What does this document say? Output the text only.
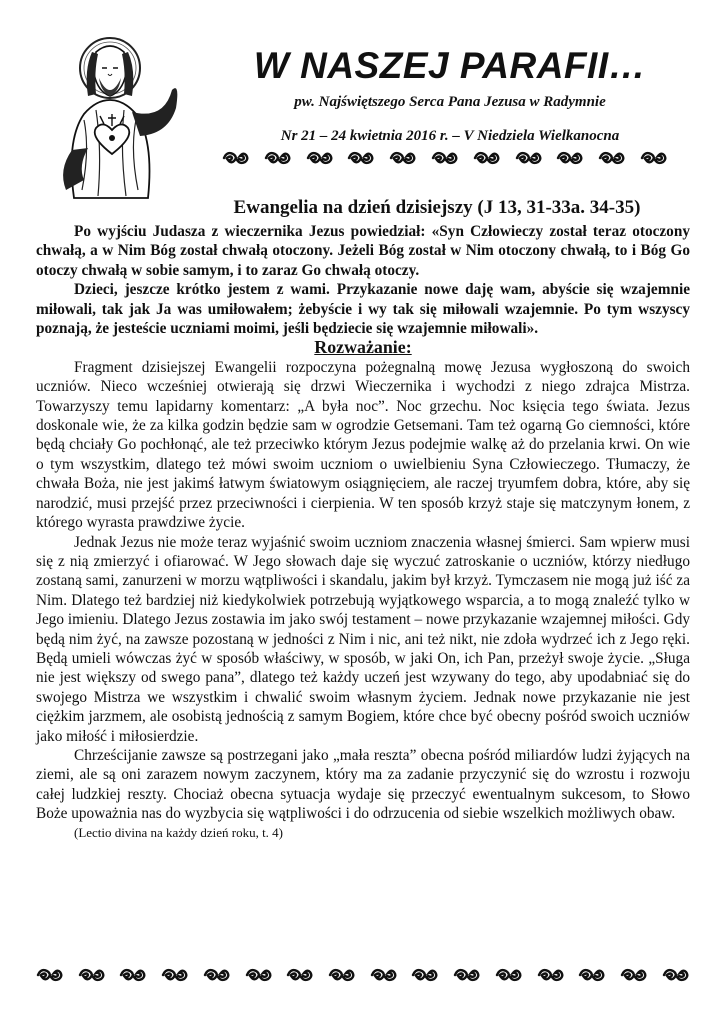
W NASZEJ PARAFII…

pw. Najświętszego Serca Pana Jezusa w Radymnie

Nr 21 – 24 kwietnia 2016 r. – V Niedziela Wielkanocna

Ewangelia na dzień dzisiejszy (J 13, 31-33a. 34-35)

Po wyjściu Judasza z wieczernika Jezus powiedział: «Syn Człowieczy został teraz otoczony chwałą, a w Nim Bóg został chwałą otoczony. Jeżeli Bóg został w Nim otoczony chwałą, to i Bóg Go otoczy chwałą w sobie samym, i to zaraz Go chwałą otoczy.

Dzieci, jeszcze krótko jestem z wami. Przykazanie nowe daję wam, abyście się wzajemnie miłowali, tak jak Ja was umiłowałem; żebyście i wy tak się miłowali wzajemnie. Po tym wszyscy poznają, że jesteście uczniami moimi, jeśli będziecie się wzajemnie miłowali».

Rozważanie:

Fragment dzisiejszej Ewangelii rozpoczyna pożegnalną mowę Jezusa wygłoszoną do swoich uczniów. Nieco wcześniej otwierają się drzwi Wieczernika i wychodzi z niego zdrajca Mistrza. Towarzyszy temu lapidarny komentarz: „A była noc”. Noc grzechu. Noc księcia tego świata. Jezus doskonale wie, że za kilka godzin będzie sam w ogrodzie Getsemani. Tam też ogarną Go ciemności, które będą chciały Go pochłonąć, ale też przeciwko którym Jezus podejmie walkę aż do przelania krwi. On wie o tym wszystkim, dlatego też mówi swoim uczniom o uwielbieniu Syna Człowieczego. Tłumaczy, że chwała Boża, nie jest jakimś łatwym światowym osiągnięciem, ale raczej tryumfem dobra, które, aby się narodzić, musi przejść przez przeciwności i cierpienia. W ten sposób krzyż staje się matczynym łonem, z którego wyrasta prawdziwe życie.

Jednak Jezus nie może teraz wyjaśnić swoim uczniom znaczenia własnej śmierci. Sam wpierw musi się z nią zmierzyć i ofiarować. W Jego słowach daje się wyczuć zatroskanie o uczniów, którzy niedługo zostaną sami, zanurzeni w morzu wątpliwości i skandalu, jakim był krzyż. Tymczasem nie mogą już iść za Nim. Dlatego też bardziej niż kiedykolwiek potrzebują wyjątkowego wsparcia, a to mogą znaleźć tylko w Jego imieniu. Dlatego Jezus zostawia im jako swój testament – nowe przykazanie wzajemnej miłości. Gdy będą nim żyć, na zawsze pozostaną w jedności z Nim i nic, ani też nikt, nie zdoła wydrzeć ich z Jego ręki. Będą umieli wówczas żyć w sposób właściwy, w sposób, w jaki On, ich Pan, przeżył swoje życie. „Sługa nie jest większy od swego pana”, dlatego też każdy uczeń jest wzywany do tego, aby upodabniać się do swojego Mistrza we wszystkim i chwalić swoim własnym życiem. Jednak nowe przykazanie nie jest ciężkim jarzmem, ale osobistą jednością z samym Bogiem, które chce być obecny pośród swoich uczniów jako miłość i miłosierdzie.

Chrześcijanie zawsze są postrzegani jako „mała reszta” obecna pośród miliardów ludzi żyjących na ziemi, ale są oni zarazem nowym zaczynem, który ma za zadanie przyczynić się do wzrostu i rozwoju całej ludzkiej reszty. Chociaż obecna sytuacja wydaje się przeczyć ewentualnym sukcesom, to Słowo Boże upoważnia nas do wyzbycia się wątpliwości i do odrzucenia od siebie wszelkich możliwych obaw.

(Lectio divina na każdy dzień roku, t. 4)
